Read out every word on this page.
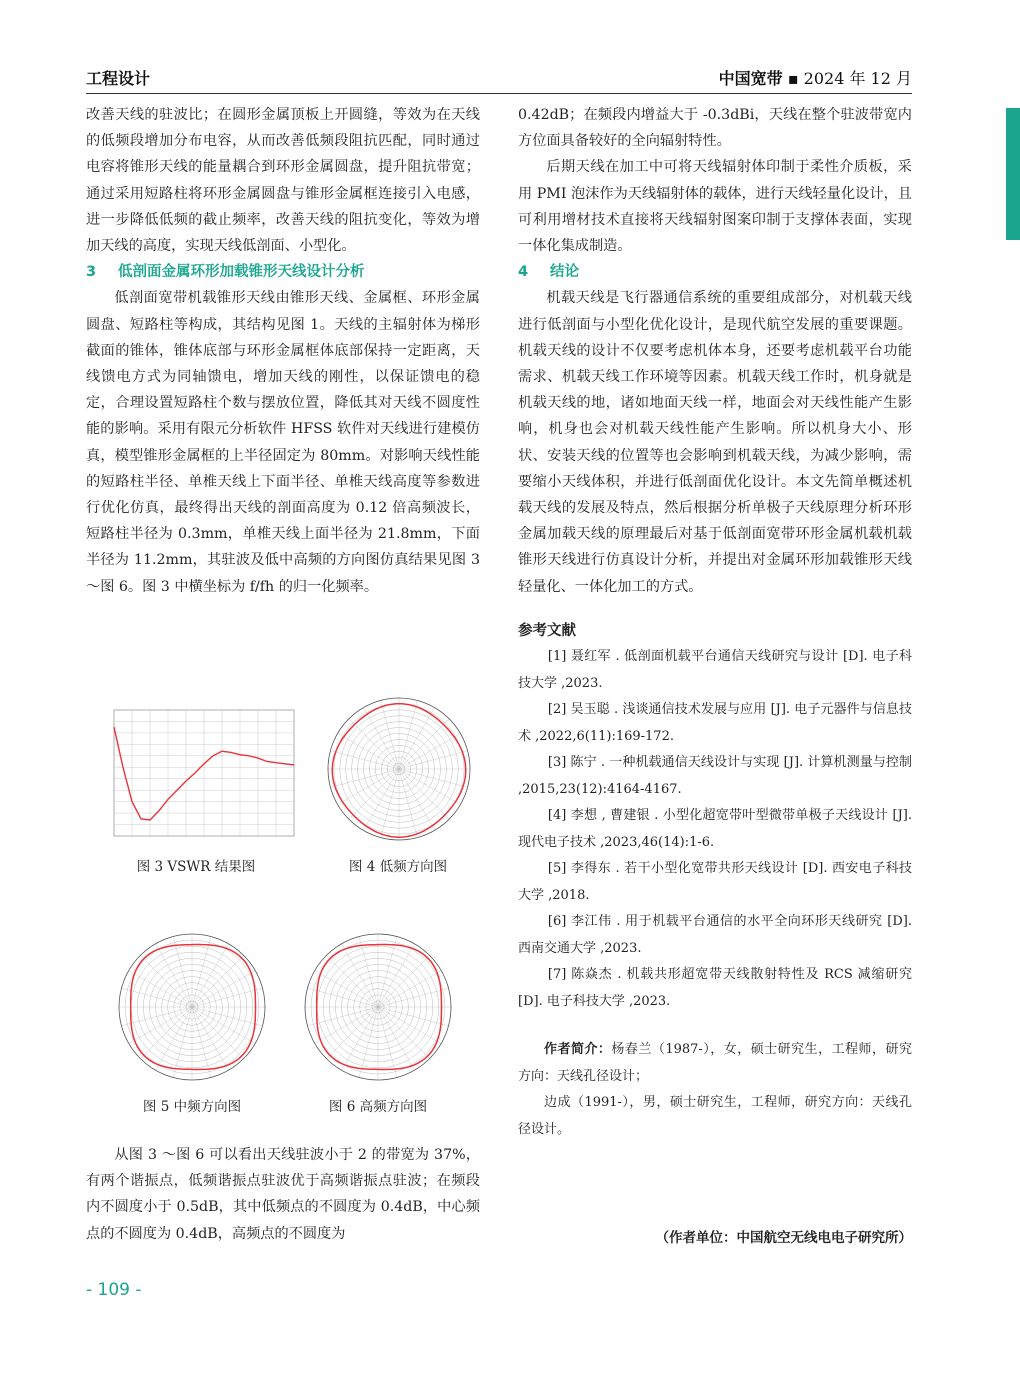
工程设计	中国宽带 ▪ 2024 年 12 月

改善天线的驻波比；在圆形金属顶板上开圆缝，等效为在天线的低频段增加分布电容，从而改善低频段阻抗匹配，同时通过电容将锥形天线的能量耦合到环形金属圆盘，提升阻抗带宽；通过采用短路柱将环形金属圆盘与锥形金属框连接引入电感，进一步降低低频的截止频率，改善天线的阻抗变化，等效为增加天线的高度，实现天线低剖面、小型化。

3 低剖面金属环形加载锥形天线设计分析

低剖面宽带机载锥形天线由锥形天线、金属框、环形金属圆盘、短路柱等构成，其结构见图 1。天线的主辐射体为梯形截面的锥体，锥体底部与环形金属框体底部保持一定距离，天线馈电方式为同轴馈电，增加天线的刚性，以保证馈电的稳定，合理设置短路柱个数与摆放位置，降低其对天线不圆度性能的影响。采用有限元分析软件 HFSS 软件对天线进行建模仿真，模型锥形金属框的上半径固定为 80mm。对影响天线性能的短路柱半径、单椎天线上下面半径、单椎天线高度等参数进行优化仿真，最终得出天线的剖面高度为 0.12 倍高频波长，短路柱半径为 0.3mm，单椎天线上面半径为 21.8mm，下面半径为 11.2mm，其驻波及低中高频的方向图仿真结果见图 3 ～图 6。图 3 中横坐标为 f/fh 的归一化频率。

图 3 VSWR 结果图	图 4 低频方向图
图 5 中频方向图	图 6 高频方向图

从图 3 ～图 6 可以看出天线驻波小于 2 的带宽为 37%，有两个谐振点，低频谐振点驻波优于高频谐振点驻波；在频段内不圆度小于 0.5dB，其中低频点的不圆度为 0.4dB，中心频点的不圆度为 0.4dB，高频点的不圆度为

0.42dB；在频段内增益大于 -0.3dBi，天线在整个驻波带宽内方位面具备较好的全向辐射特性。

后期天线在加工中可将天线辐射体印制于柔性介质板，采用 PMI 泡沫作为天线辐射体的载体，进行天线轻量化设计，且可利用增材技术直接将天线辐射图案印制于支撑体表面，实现一体化集成制造。

4 结论

机载天线是飞行器通信系统的重要组成部分，对机载天线进行低剖面与小型化优化设计，是现代航空发展的重要课题。机载天线的设计不仅要考虑机体本身，还要考虑机载平台功能需求、机载天线工作环境等因素。机载天线工作时，机身就是机载天线的地，诸如地面天线一样，地面会对天线性能产生影响，机身也会对机载天线性能产生影响。所以机身大小、形状、安装天线的位置等也会影响到机载天线，为减少影响，需要缩小天线体积，并进行低剖面优化设计。本文先简单概述机载天线的发展及特点，然后根据分析单极子天线原理分析环形金属加载天线的原理最后对基于低剖面宽带环形金属机载机载锥形天线进行仿真设计分析，并提出对金属环形加载锥形天线轻量化、一体化加工的方式。

参考文献

[1] 聂红军 . 低剖面机载平台通信天线研究与设计 [D]. 电子科技大学 ,2023.

[2] 吴玉聪 . 浅谈通信技术发展与应用 [J]. 电子元器件与信息技术 ,2022,6(11):169-172.

[3] 陈宁 . 一种机载通信天线设计与实现 [J]. 计算机测量与控制 ,2015,23(12):4164-4167.

[4] 李想 , 曹建银 . 小型化超宽带叶型微带单极子天线设计 [J]. 现代电子技术 ,2023,46(14):1-6.

[5] 李得东 . 若干小型化宽带共形天线设计 [D]. 西安电子科技大学 ,2018.

[6] 李江伟 . 用于机载平台通信的水平全向环形天线研究 [D]. 西南交通大学 ,2023.

[7] 陈焱杰 . 机载共形超宽带天线散射特性及 RCS 减缩研究 [D]. 电子科技大学 ,2023.

作者简介：杨春兰（1987-），女，硕士研究生，工程师，研究方向：天线孔径设计；

边成（1991-），男，硕士研究生，工程师，研究方向：天线孔径设计。

（作者单位：中国航空无线电电子研究所）
- 109 -
